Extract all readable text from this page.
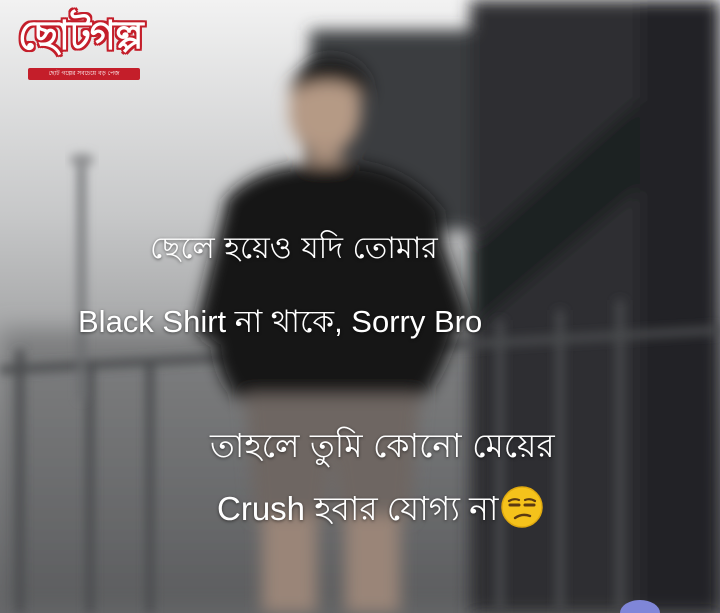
ছোটগল্প
ছোট গল্পের সবচেয়ে বড় পেজ
ছেলে হয়েও যদি তোমার
Black Shirt না থাকে, Sorry Bro
তাহলে তুমি কোনো মেয়ের
Crush হবার যোগ্য না
